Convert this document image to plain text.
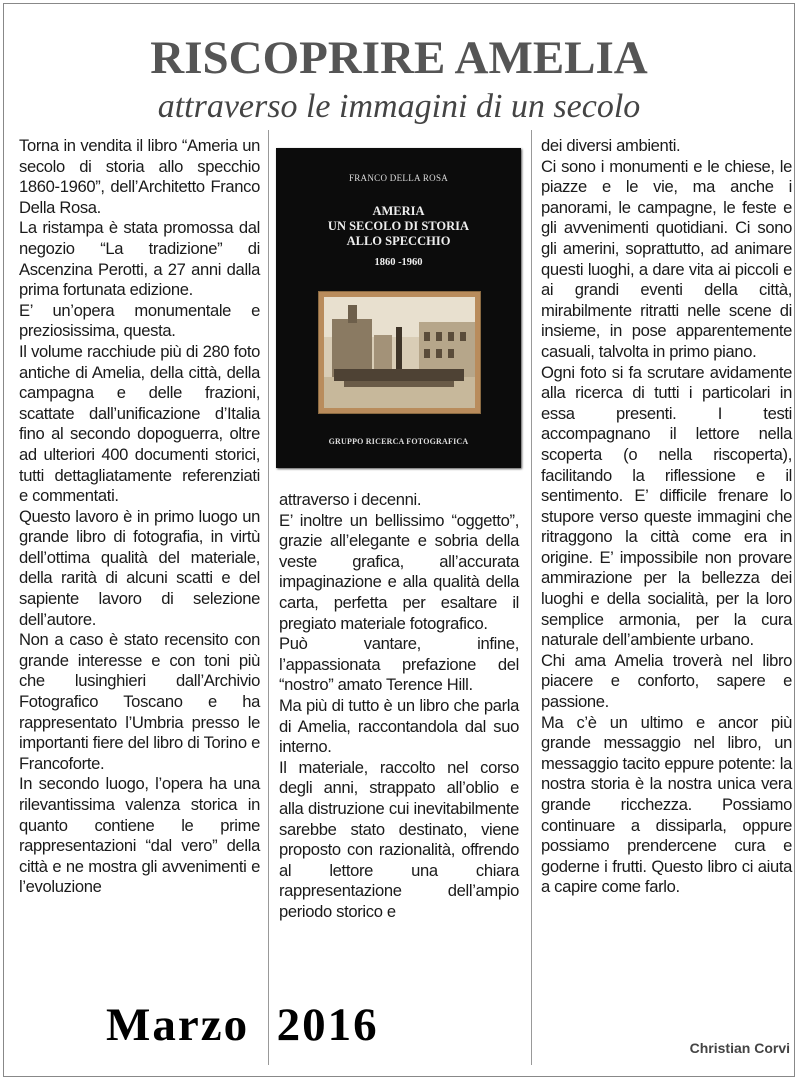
RISCOPRIRE AMELIA
attraverso le immagini di un secolo

Torna in vendita il libro “Ameria un secolo di storia allo specchio 1860-1960”, dell’Architetto Franco Della Rosa.

La ristampa è stata promossa dal negozio “La tradizione” di Ascenzina Perotti, a 27 anni dalla prima fortunata edizione.

E’ un’opera monumentale e preziosissima, questa.

Il volume racchiude più di 280 foto antiche di Amelia, della città, della campagna e delle frazioni, scattate dall’unificazione d’Italia fino al secondo dopoguerra, oltre ad ulteriori 400 documenti storici, tutti dettagliatamente referenziati e commentati.

Questo lavoro è in primo luogo un grande libro di fotografia, in virtù dell’ottima qualità del materiale, della rarità di alcuni scatti e del sapiente lavoro di selezione dell’autore.

Non a caso è stato recensito con grande interesse e con toni più che lusinghieri dall’Archivio Fotografico Toscano e ha rappresentato l’Umbria presso le importanti fiere del libro di Torino e Francoforte.

In secondo luogo, l’opera ha una rilevantissima valenza storica in quanto contiene le prime rappresentazioni “dal vero” della città e ne mostra gli avvenimenti e l’evoluzione

FRANCO DELLA ROSA
AMERIA
UN SECOLO DI STORIA
ALLO SPECCHIO
1860 -1960
GRUPPO RICERCA FOTOGRAFICA

attraverso i decenni.

E’ inoltre un bellissimo “oggetto”, grazie all’elegante e sobria della veste grafica, all’accurata impaginazione e alla qualità della carta, perfetta per esaltare il pregiato materiale fotografico.

Può vantare, infine, l’appassionata prefazione del “nostro” amato Terence Hill.

Ma più di tutto è un libro che parla di Amelia, raccontandola dal suo interno.

Il materiale, raccolto nel corso degli anni, strappato all’oblio e alla distruzione cui inevitabilmente sarebbe stato destinato, viene proposto con razionalità, offrendo al lettore una chiara rappresentazione dell’ampio periodo storico e

dei diversi ambienti.

Ci sono i monumenti e le chiese, le piazze e le vie, ma anche i panorami, le campagne, le feste e gli avvenimenti quotidiani. Ci sono gli amerini, soprattutto, ad animare questi luoghi, a dare vita ai piccoli e ai grandi eventi della città, mirabilmente ritratti nelle scene di insieme, in pose apparentemente casuali, talvolta in primo piano.

Ogni foto si fa scrutare avidamente alla ricerca di tutti i particolari in essa presenti. I testi accompagnano il lettore nella scoperta (o nella riscoperta), facilitando la riflessione e il sentimento. E’ difficile frenare lo stupore verso queste immagini che ritraggono la città come era in origine. E’ impossibile non provare ammirazione per la bellezza dei luoghi e della socialità, per la loro semplice armonia, per la cura naturale dell’ambiente urbano.

Chi ama Amelia troverà nel libro piacere e conforto, sapere e passione.

Ma c’è un ultimo e ancor più grande messaggio nel libro, un messaggio tacito eppure potente: la nostra storia è la nostra unica vera grande ricchezza. Possiamo continuare a dissiparla, oppure possiamo prendercene cura e goderne i frutti. Questo libro ci aiuta a capire come farlo.

Marzo  2016	Christian Corvi
